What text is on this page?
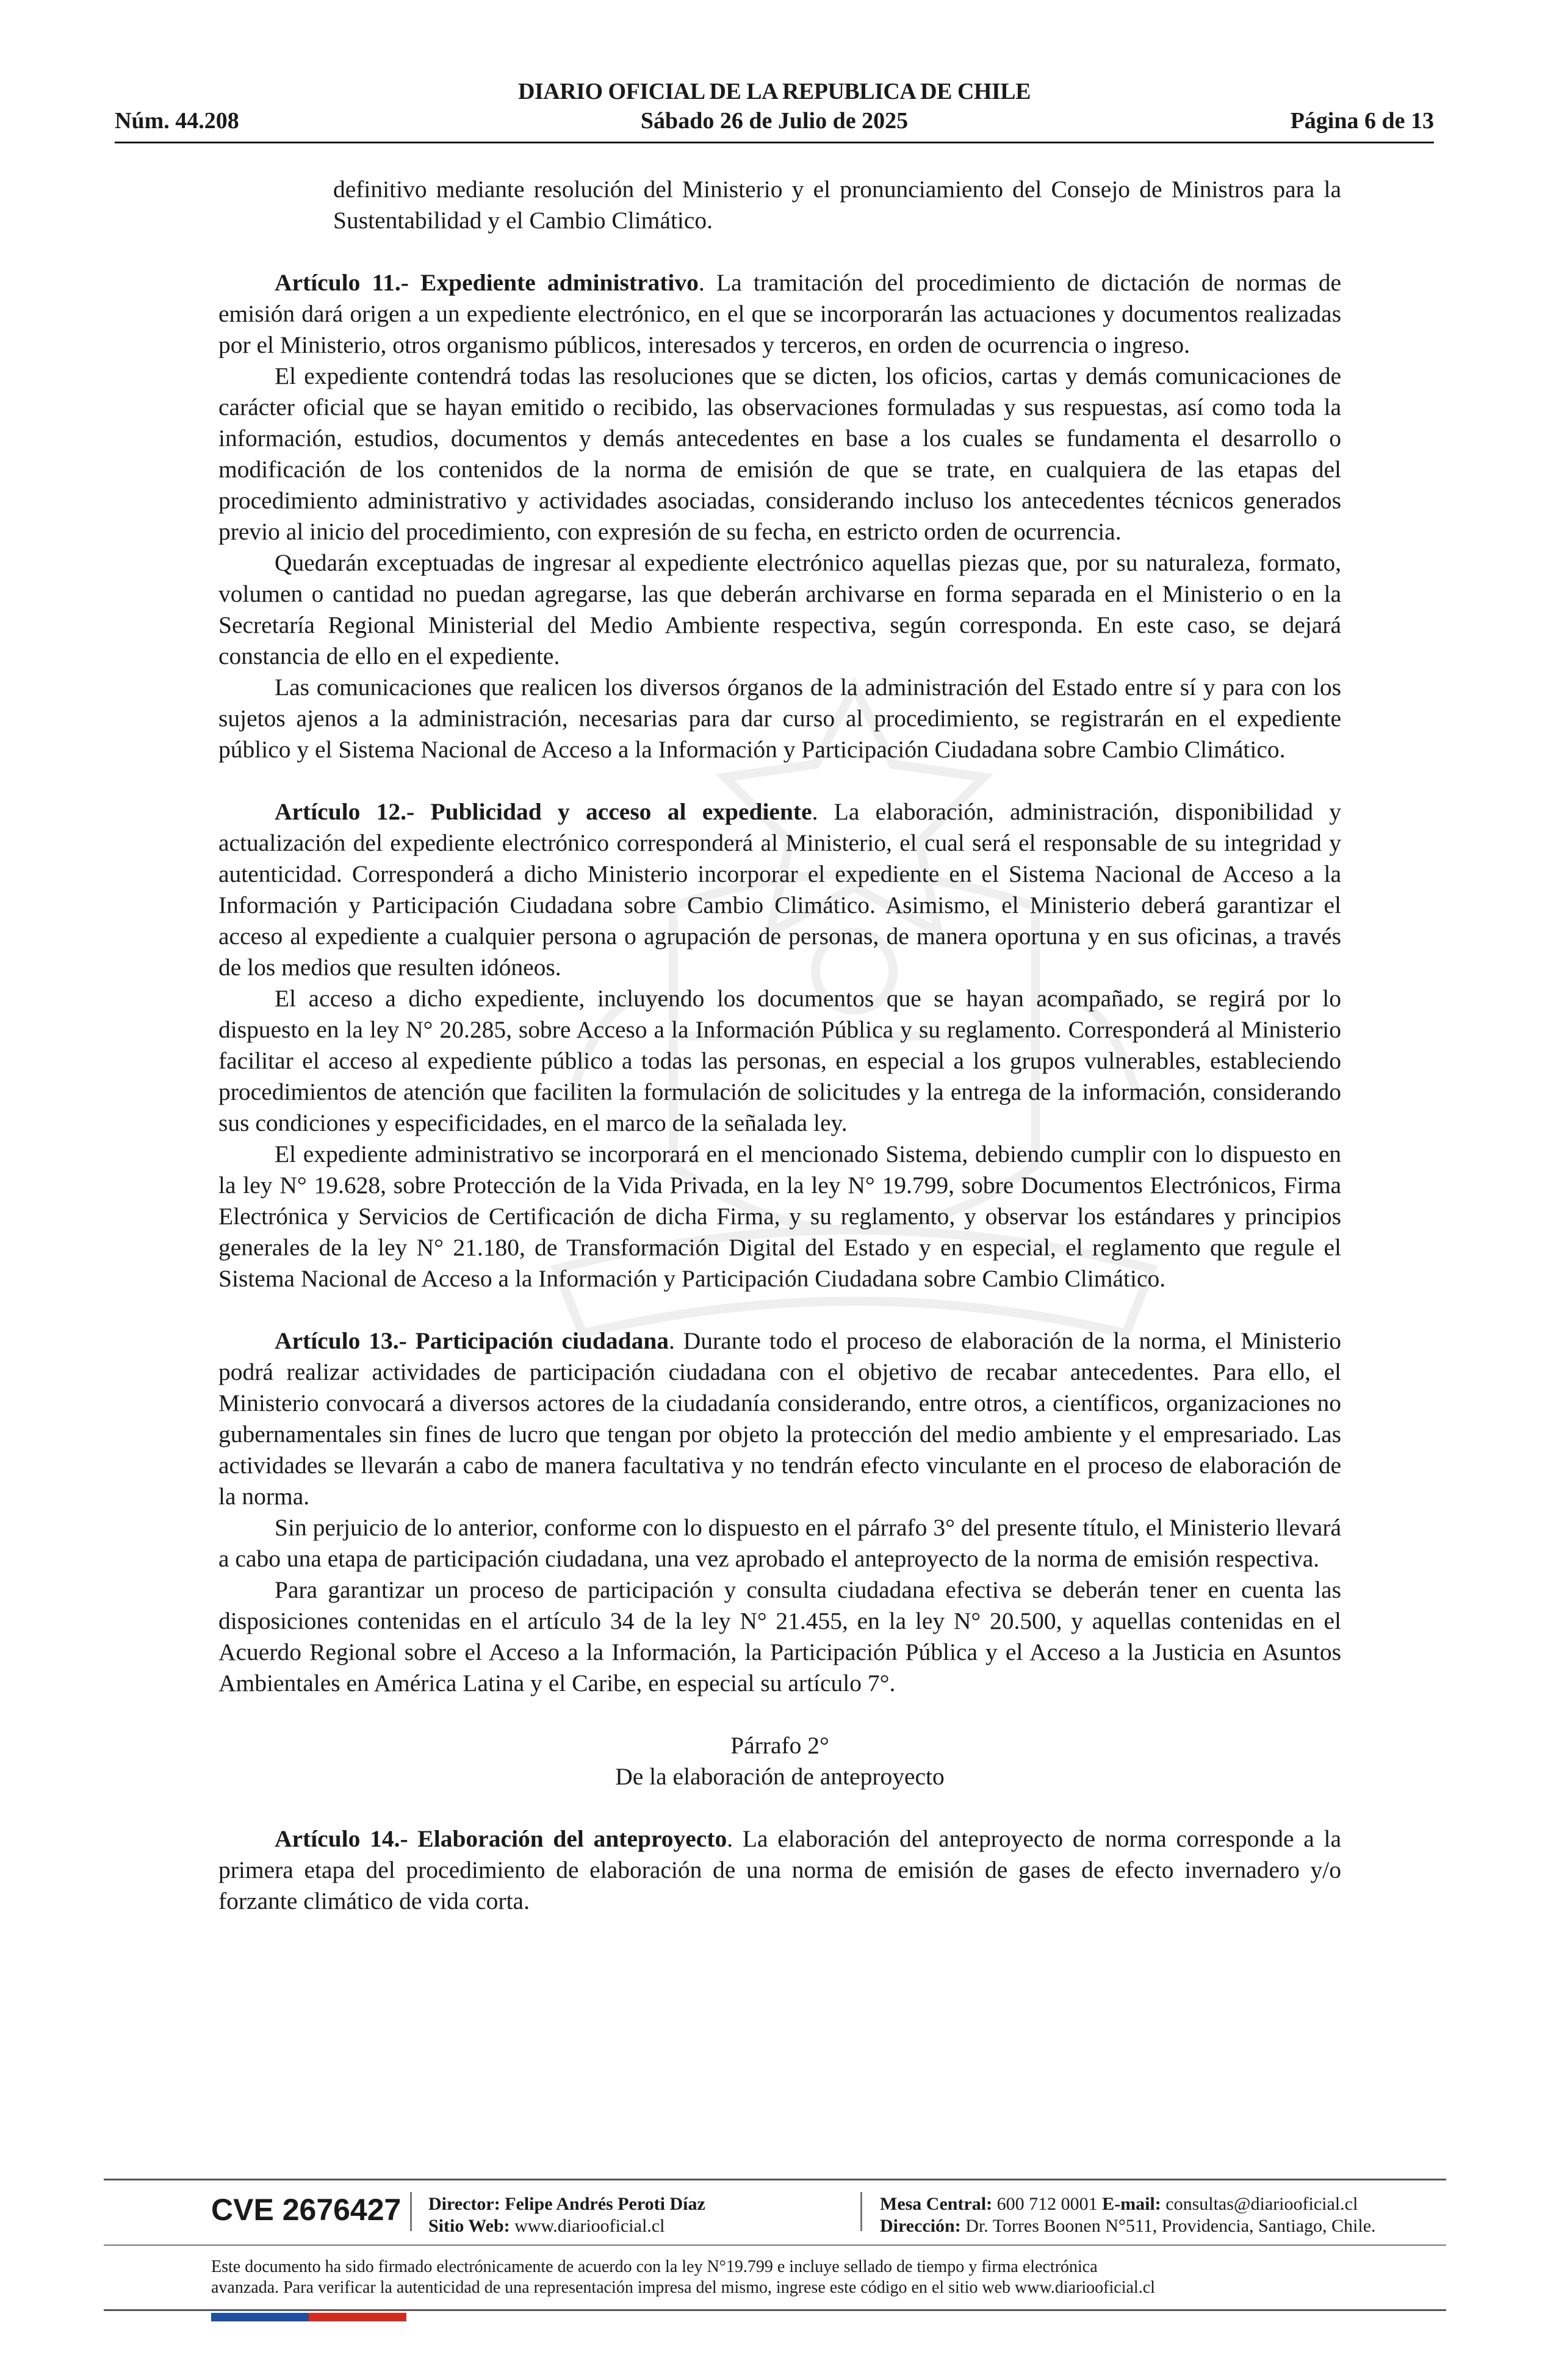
DIARIO OFICIAL DE LA REPUBLICA DE CHILE
Núm. 44.208	Sábado 26 de Julio de 2025	Página 6 de 13

definitivo mediante resolución del Ministerio y el pronunciamiento del Consejo de Ministros para la Sustentabilidad y el Cambio Climático.

Artículo 11.- Expediente administrativo. La tramitación del procedimiento de dictación de normas de emisión dará origen a un expediente electrónico, en el que se incorporarán las actuaciones y documentos realizadas por el Ministerio, otros organismo públicos, interesados y terceros, en orden de ocurrencia o ingreso.

El expediente contendrá todas las resoluciones que se dicten, los oficios, cartas y demás comunicaciones de carácter oficial que se hayan emitido o recibido, las observaciones formuladas y sus respuestas, así como toda la información, estudios, documentos y demás antecedentes en base a los cuales se fundamenta el desarrollo o modificación de los contenidos de la norma de emisión de que se trate, en cualquiera de las etapas del procedimiento administrativo y actividades asociadas, considerando incluso los antecedentes técnicos generados previo al inicio del procedimiento, con expresión de su fecha, en estricto orden de ocurrencia.

Quedarán exceptuadas de ingresar al expediente electrónico aquellas piezas que, por su naturaleza, formato, volumen o cantidad no puedan agregarse, las que deberán archivarse en forma separada en el Ministerio o en la Secretaría Regional Ministerial del Medio Ambiente respectiva, según corresponda. En este caso, se dejará constancia de ello en el expediente.

Las comunicaciones que realicen los diversos órganos de la administración del Estado entre sí y para con los sujetos ajenos a la administración, necesarias para dar curso al procedimiento, se registrarán en el expediente público y el Sistema Nacional de Acceso a la Información y Participación Ciudadana sobre Cambio Climático.

Artículo 12.- Publicidad y acceso al expediente. La elaboración, administración, disponibilidad y actualización del expediente electrónico corresponderá al Ministerio, el cual será el responsable de su integridad y autenticidad. Corresponderá a dicho Ministerio incorporar el expediente en el Sistema Nacional de Acceso a la Información y Participación Ciudadana sobre Cambio Climático. Asimismo, el Ministerio deberá garantizar el acceso al expediente a cualquier persona o agrupación de personas, de manera oportuna y en sus oficinas, a través de los medios que resulten idóneos.

El acceso a dicho expediente, incluyendo los documentos que se hayan acompañado, se regirá por lo dispuesto en la ley N° 20.285, sobre Acceso a la Información Pública y su reglamento. Corresponderá al Ministerio facilitar el acceso al expediente público a todas las personas, en especial a los grupos vulnerables, estableciendo procedimientos de atención que faciliten la formulación de solicitudes y la entrega de la información, considerando sus condiciones y especificidades, en el marco de la señalada ley.

El expediente administrativo se incorporará en el mencionado Sistema, debiendo cumplir con lo dispuesto en la ley N° 19.628, sobre Protección de la Vida Privada, en la ley N° 19.799, sobre Documentos Electrónicos, Firma Electrónica y Servicios de Certificación de dicha Firma, y su reglamento, y observar los estándares y principios generales de la ley N° 21.180, de Transformación Digital del Estado y en especial, el reglamento que regule el Sistema Nacional de Acceso a la Información y Participación Ciudadana sobre Cambio Climático.

Artículo 13.- Participación ciudadana. Durante todo el proceso de elaboración de la norma, el Ministerio podrá realizar actividades de participación ciudadana con el objetivo de recabar antecedentes. Para ello, el Ministerio convocará a diversos actores de la ciudadanía considerando, entre otros, a científicos, organizaciones no gubernamentales sin fines de lucro que tengan por objeto la protección del medio ambiente y el empresariado. Las actividades se llevarán a cabo de manera facultativa y no tendrán efecto vinculante en el proceso de elaboración de la norma.

Sin perjuicio de lo anterior, conforme con lo dispuesto en el párrafo 3° del presente título, el Ministerio llevará a cabo una etapa de participación ciudadana, una vez aprobado el anteproyecto de la norma de emisión respectiva.

Para garantizar un proceso de participación y consulta ciudadana efectiva se deberán tener en cuenta las disposiciones contenidas en el artículo 34 de la ley N° 21.455, en la ley N° 20.500, y aquellas contenidas en el Acuerdo Regional sobre el Acceso a la Información, la Participación Pública y el Acceso a la Justicia en Asuntos Ambientales en América Latina y el Caribe, en especial su artículo 7°.

Párrafo 2°

De la elaboración de anteproyecto

Artículo 14.- Elaboración del anteproyecto. La elaboración del anteproyecto de norma corresponde a la primera etapa del procedimiento de elaboración de una norma de emisión de gases de efecto invernadero y/o forzante climático de vida corta.

CVE 2676427 Director: Felipe Andrés Peroti Díaz
Sitio Web: www.diariooficial.cl
Mesa Central: 600 712 0001 E-mail: consultas@diariooficial.cl
Dirección: Dr. Torres Boonen N°511, Providencia, Santiago, Chile.
Este documento ha sido firmado electrónicamente de acuerdo con la ley N°19.799 e incluye sellado de tiempo y firma electrónica
avanzada. Para verificar la autenticidad de una representación impresa del mismo, ingrese este código en el sitio web www.diariooficial.cl
